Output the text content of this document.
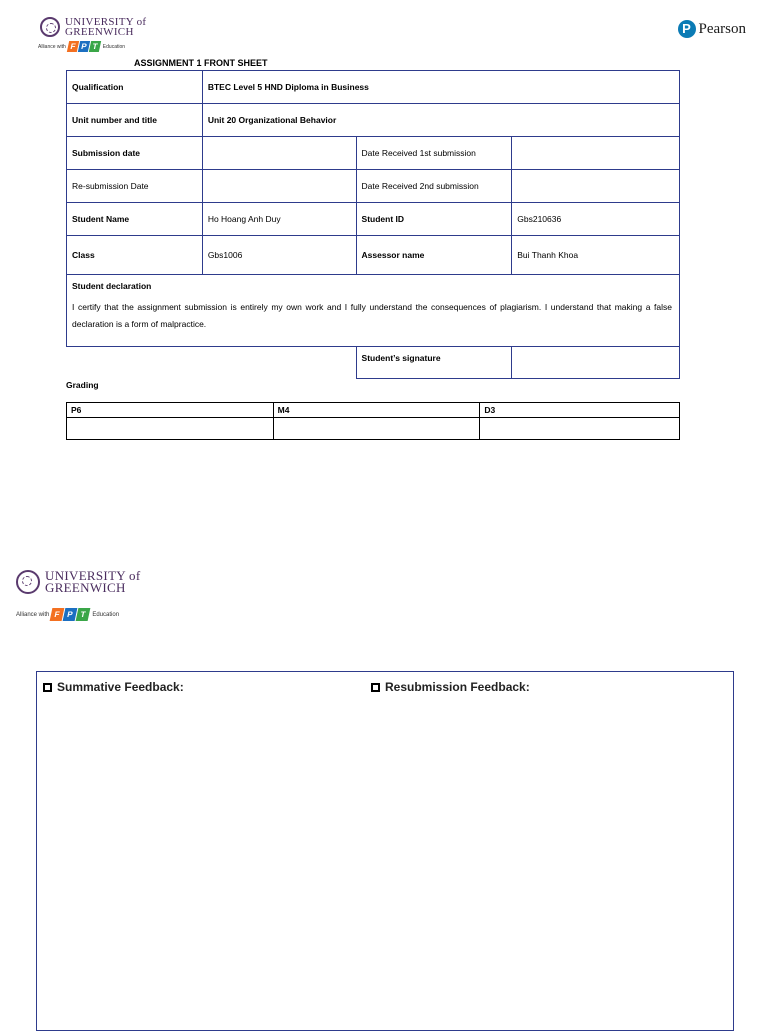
UNIVERSITY of
GREENWICH
Alliance with F P T Education
P Pearson
ASSIGNMENT 1 FRONT SHEET
Qualification	BTEC Level 5 HND Diploma in Business		
Unit number and title	Unit 20 Organizational Behavior		
Submission date		Date Received 1st submission	
Re-submission Date		Date Received 2nd submission	
Student Name	Ho Hoang Anh Duy	Student ID	Gbs210636
Class	Gbs1006	Assessor name	Bui Thanh Khoa

Student declaration
I certify that the assignment submission is entirely my own work and I fully understand the consequences of plagiarism. I understand that making a false declaration is a form of malpractice.			

		Student’s signature	
Grading
P6	M4	D3

UNIVERSITY of
GREENWICH
Alliance with F P T Education
Summative Feedback:	Resubmission Feedback:
